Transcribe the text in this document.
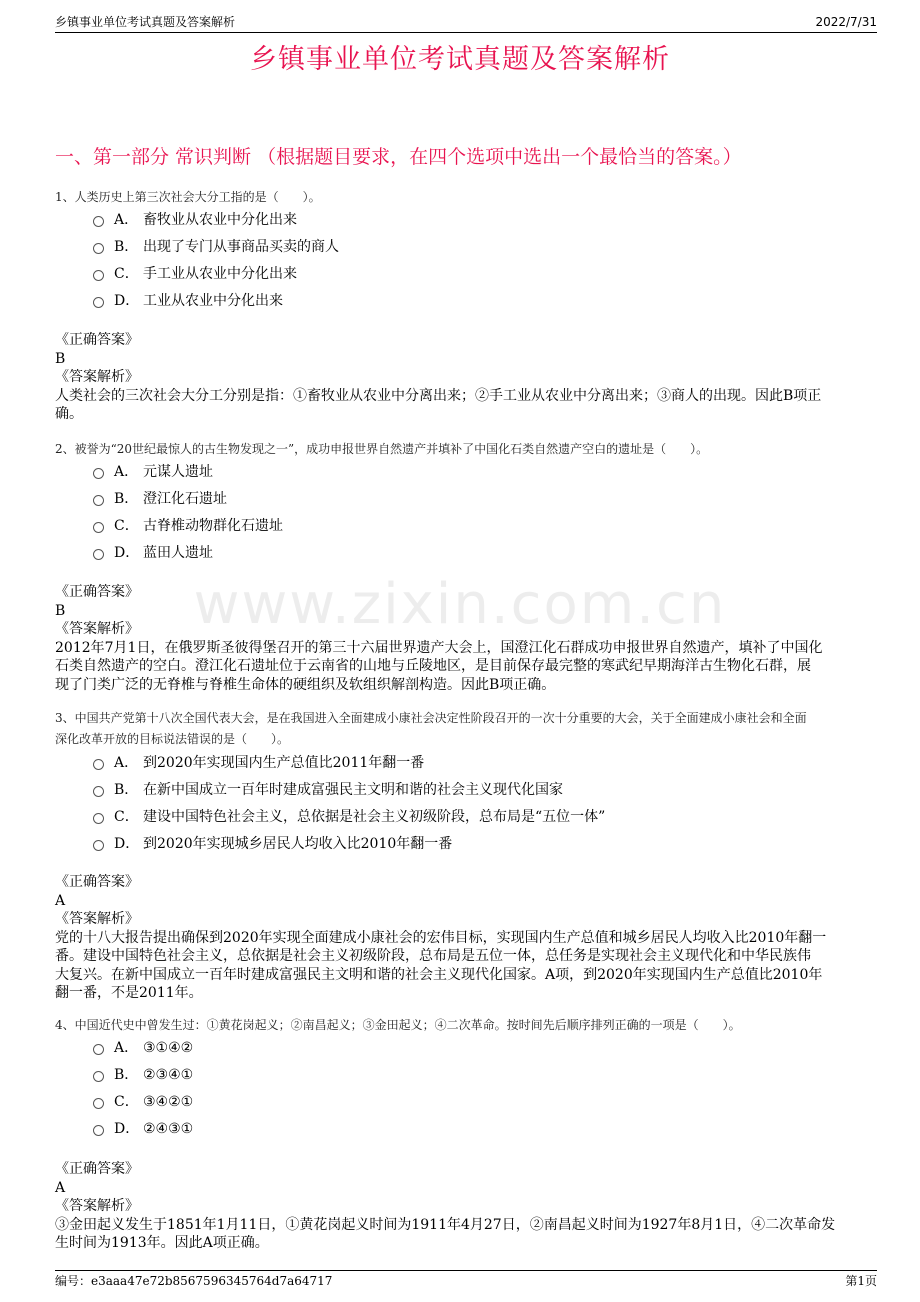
乡镇事业单位考试真题及答案解析	2022/7/31
乡镇事业单位考试真题及答案解析
www.zixin.com.cn
一、第一部分 常识判断 （根据题目要求，在四个选项中选出一个最恰当的答案。）
1、人类历史上第三次社会大分工指的是（　　）。
A． 畜牧业从农业中分化出来
B． 出现了专门从事商品买卖的商人
C． 手工业从农业中分化出来
D． 工业从农业中分化出来
《正确答案》
B
《答案解析》
人类社会的三次社会大分工分别是指：①畜牧业从农业中分离出来；②手工业从农业中分离出来；③商人的出现。因此B项正
确。
2、被誉为“20世纪最惊人的古生物发现之一”，成功申报世界自然遗产并填补了中国化石类自然遗产空白的遗址是（　　）。
A． 元谋人遗址
B． 澄江化石遗址
C． 古脊椎动物群化石遗址
D． 蓝田人遗址
《正确答案》
B
《答案解析》
2012年7月1日，在俄罗斯圣彼得堡召开的第三十六届世界遗产大会上，国澄江化石群成功申报世界自然遗产，填补了中国化
石类自然遗产的空白。澄江化石遗址位于云南省的山地与丘陵地区，是目前保存最完整的寒武纪早期海洋古生物化石群，展
现了门类广泛的无脊椎与脊椎生命体的硬组织及软组织解剖构造。因此B项正确。
3、中国共产党第十八次全国代表大会，是在我国进入全面建成小康社会决定性阶段召开的一次十分重要的大会，关于全面建成小康社会和全面
深化改革开放的目标说法错误的是（　　）。
A． 到2020年实现国内生产总值比2011年翻一番
B． 在新中国成立一百年时建成富强民主文明和谐的社会主义现代化国家
C． 建设中国特色社会主义，总依据是社会主义初级阶段，总布局是“五位一体”
D． 到2020年实现城乡居民人均收入比2010年翻一番
《正确答案》
A
《答案解析》
党的十八大报告提出确保到2020年实现全面建成小康社会的宏伟目标，实现国内生产总值和城乡居民人均收入比2010年翻一
番。建设中国特色社会主义，总依据是社会主义初级阶段，总布局是五位一体，总任务是实现社会主义现代化和中华民族伟
大复兴。在新中国成立一百年时建成富强民主文明和谐的社会主义现代化国家。A项，到2020年实现国内生产总值比2010年
翻一番，不是2011年。
4、中国近代史中曾发生过：①黄花岗起义；②南昌起义；③金田起义；④二次革命。按时间先后顺序排列正确的一项是（　　）。
A． ③①④②
B． ②③④①
C． ③④②①
D． ②④③①
《正确答案》
A
《答案解析》
③金田起义发生于1851年1月11日，①黄花岗起义时间为1911年4月27日，②南昌起义时间为1927年8月1日，④二次革命发
生时间为1913年。因此A项正确。
编号：e3aaa47e72b8567596345764d7a64717	第1页
